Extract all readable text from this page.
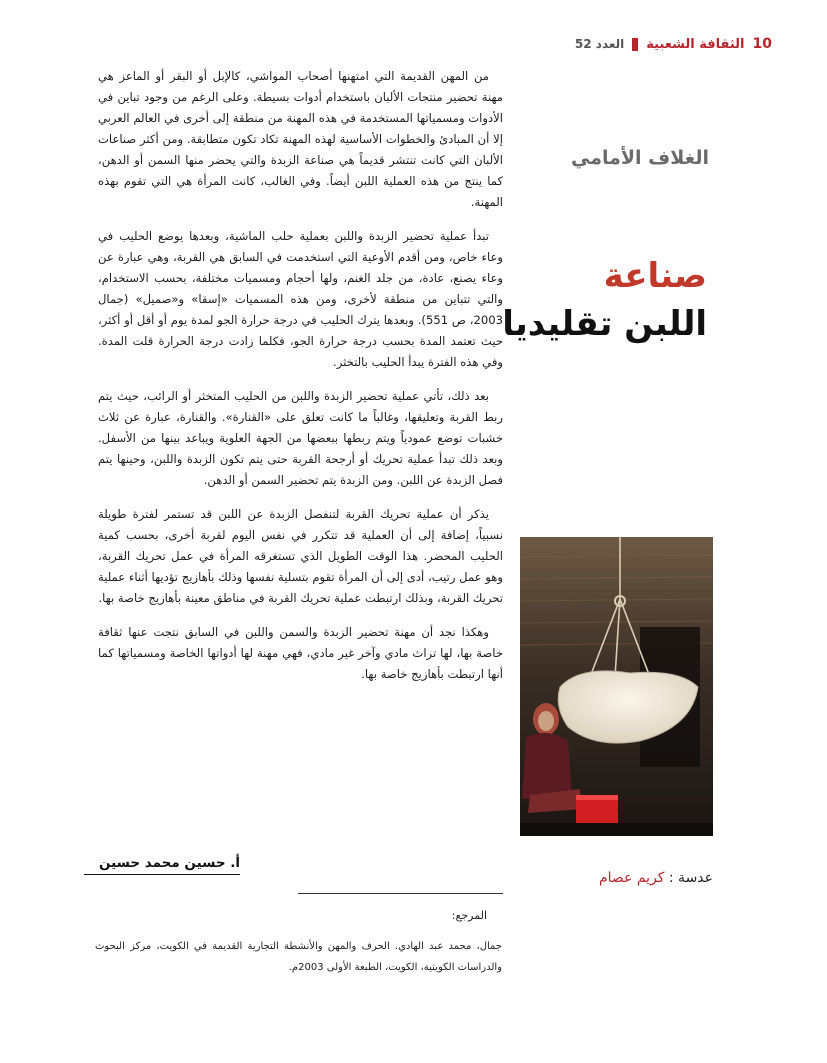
10
الثقافة الشعبية
العدد 52
الغلاف الأمامي
صناعة
اللبن تقليديا
عدسة : كريم عصام

من المهن القديمة التي امتهنها أصحاب المواشي، كالإبل أو البقر أو الماعز هي مهنة تحضير منتجات الألبان باستخدام أدوات بسيطة. وعلى الرغم من وجود تباين في الأدوات ومسمياتها المستخدمة في هذه المهنة من منطقة إلى أخرى في العالم العربي إلا أن المبادئ والخطوات الأساسية لهذه المهنة تكاد تكون متطابقة. ومن أكثر صناعات الألبان التي كانت تنتشر قديماً هي صناعة الزبدة والتي يحضر منها السمن أو الدهن، كما ينتج من هذه العملية اللبن أيضاً. وفي الغالب، كانت المرأة هي التي تقوم بهذه المهنة.

تبدأ عملية تحضير الزبدة واللبن بعملية حلب الماشية، وبعدها يوضع الحليب في وعاء خاص، ومن أقدم الأوعية التي استخدمت في السابق هي القربة، وهي عبارة عن وعاء يصنع، عادة، من جلد الغنم، ولها أحجام ومسميات مختلفة، بحسب الاستخدام، والتي تتباين من منطقة لأخرى، ومن هذه المسميات «إسقا» و«صميل» (جمال 2003، ص 551). وبعدها يترك الحليب في درجة حرارة الجو لمدة يوم أو أقل أو أكثر، حيث تعتمد المدة بحسب درجة حرارة الجو، فكلما زادت درجة الحرارة قلت المدة. وفي هذه الفترة يبدأ الحليب بالتخثر.

بعد ذلك، تأتي عملية تحضير الزبدة واللبن من الحليب المتخثر أو الرائب، حيث يتم ربط القربة وتعليقها، وغالباً ما كانت تعلق على «القنارة». والقنارة، عبارة عن ثلاث خشبات توضع عمودياً ويتم ربطها ببعضها من الجهة العلوية ويباعد بينها من الأسفل. وبعد ذلك تبدأ عملية تحريك أو أرجحة القربة حتى يتم تكون الزبدة واللبن، وحينها يتم فصل الزبدة عن اللبن. ومن الزبدة يتم تحضير السمن أو الدهن.

يذكر أن عملية تحريك القربة لتنفصل الزبدة عن اللبن قد تستمر لفترة طويلة نسبياً، إضافة إلى أن العملية قد تتكرر في نفس اليوم لقربة أخرى، بحسب كمية الحليب المحضر. هذا الوقت الطويل الذي تستغرقه المرأة في عمل تحريك القربة، وهو عمل رتيب، أدى إلى أن المرأة تقوم بتسلية نفسها وذلك بأهازيج تؤديها أثناء عملية تحريك القربة، وبذلك ارتبطت عملية تحريك القربة في مناطق معينة بأهازيج خاصة بها.

وهكذا نجد أن مهنة تحضير الزبدة والسمن واللبن في السابق نتجت عنها ثقافة خاصة بها، لها تراث مادي وآخر غير مادي، فهي مهنة لها أدواتها الخاصة ومسمياتها كما أنها ارتبطت بأهازيج خاصة بها.

أ. حسين محمد حسين
المرجع:
جمال، محمد عبد الهادي. الحرف والمهن والأنشطة التجارية القديمة في الكويت، مركز البحوث والدراسات الكويتية، الكويت، الطبعة الأولى 2003م.
